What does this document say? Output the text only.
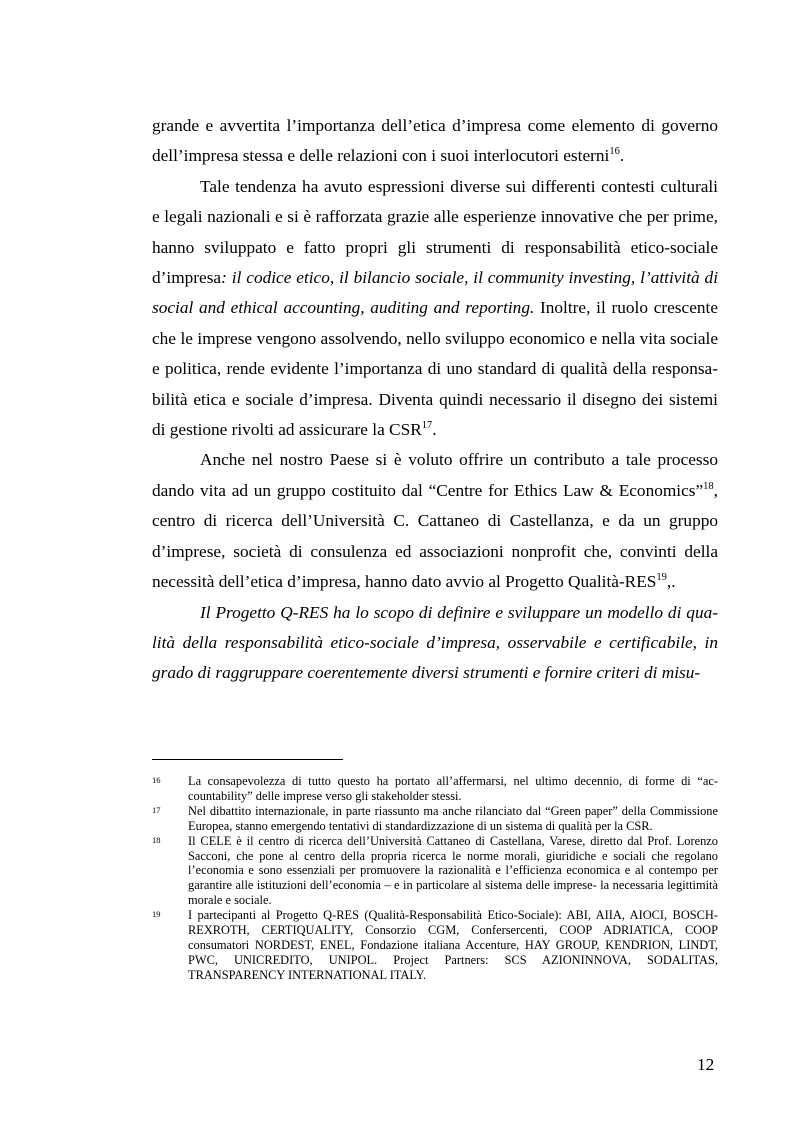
grande e avvertita l’importanza dell’etica d’impresa come elemento di governo dell’impresa stessa e delle relazioni con i suoi interlocutori esterni$^{16}$.

Tale tendenza ha avuto espressioni diverse sui differenti contesti culturali e legali nazionali e si è rafforzata grazie alle esperienze innovative che per prime, hanno sviluppato e fatto propri gli strumenti di responsabilità etico-sociale d’impresa: il codice etico, il bilancio sociale, il community investing, l’attività di social and ethical accounting, auditing and reporting. Inoltre, il ruolo crescente che le imprese vengono assolvendo, nello sviluppo economico e nella vita sociale e politica, rende evidente l’importanza di uno standard di qualità della responsabilità etica e sociale d’impresa. Diventa quindi necessario il disegno dei sistemi di gestione rivolti ad assicurare la CSR$^{17}$.

Anche nel nostro Paese si è voluto offrire un contributo a tale processo dando vita ad un gruppo costituito dal “Centre for Ethics Law & Economics”$^{18}$, centro di ricerca dell’Università C. Cattaneo di Castellanza, e da un gruppo d’imprese, società di consulenza ed associazioni nonprofit che, convinti della necessità dell’etica d’impresa, hanno dato avvio al Progetto Qualità-RES$^{19}$,.

Il Progetto Q-RES ha lo scopo di definire e sviluppare un modello di qualità della responsabilità etico-sociale d’impresa, osservabile e certificabile, in grado di raggruppare coerentemente diversi strumenti e fornire criteri di misu-

16 La consapevolezza di tutto questo ha portato all’affermarsi, nel ultimo decennio, di forme di “accountability” delle imprese verso gli stakeholder stessi.

17 Nel dibattito internazionale, in parte riassunto ma anche rilanciato dal “Green paper” della Commissione Europea, stanno emergendo tentativi di standardizzazione di un sistema di qualità per la CSR.

18 Il CELE è il centro di ricerca dell’Università Cattaneo di Castellana, Varese, diretto dal Prof. Lorenzo Sacconi, che pone al centro della propria ricerca le norme morali, giuridiche e sociali che regolano l’economia e sono essenziali per promuovere la razionalità e l’efficienza economica e al contempo per garantire alle istituzioni dell’economia – e in particolare al sistema delle imprese- la necessaria legittimità morale e sociale.

19 I partecipanti al Progetto Q-RES (Qualità-Responsabilità Etico-Sociale): ABI, AIIA, AIOCI, BOSCH-REXROTH, CERTIQUALITY, Consorzio CGM, Confersercenti, COOP ADRIATICA, COOP consumatori NORDEST, ENEL, Fondazione italiana Accenture, HAY GROUP, KENDRION, LINDT, PWC, UNICREDITO, UNIPOL. Project Partners: SCS AZIONINNOVA, SODALITAS, TRANSPARENCY INTERNATIONAL ITALY.

12
